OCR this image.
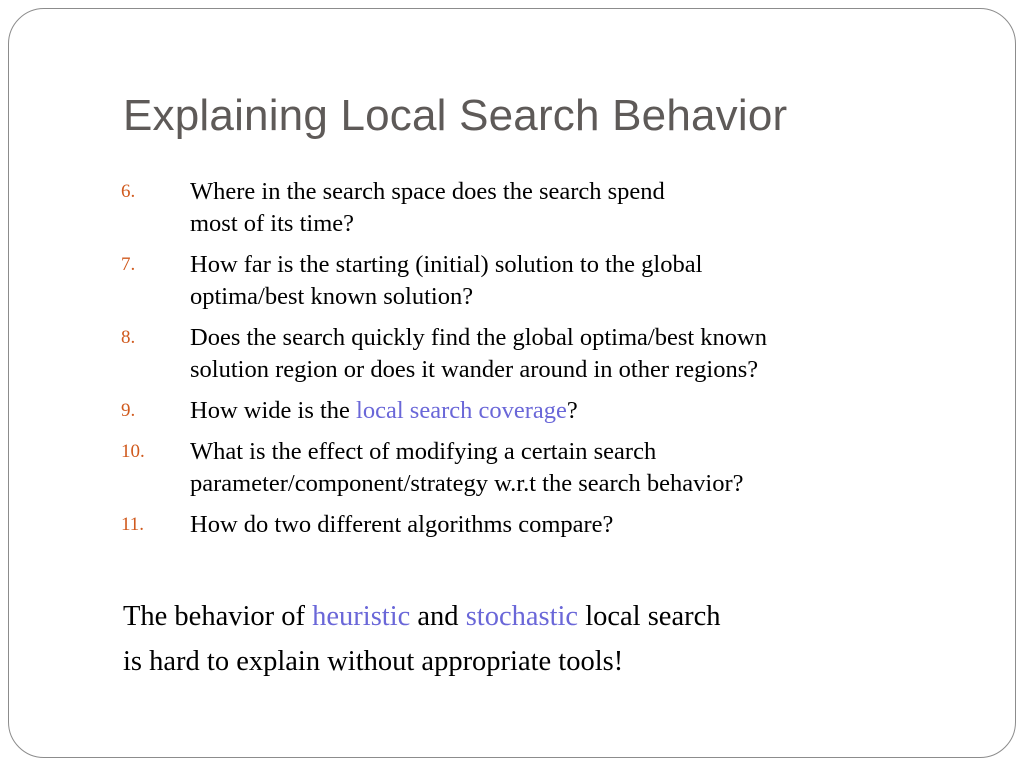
Explaining Local Search Behavior
6.	Where in the search space does the search spend
most of its time?
7.	How far is the starting (initial) solution to the global
optima/best known solution?
8.	Does the search quickly find the global optima/best known
solution region or does it wander around in other regions?
9.	How wide is the local search coverage?
10.	What is the effect of modifying a certain search
parameter/component/strategy w.r.t the search behavior?
11.	How do two different algorithms compare?
The behavior of heuristic and stochastic local search
is hard to explain without appropriate tools!
